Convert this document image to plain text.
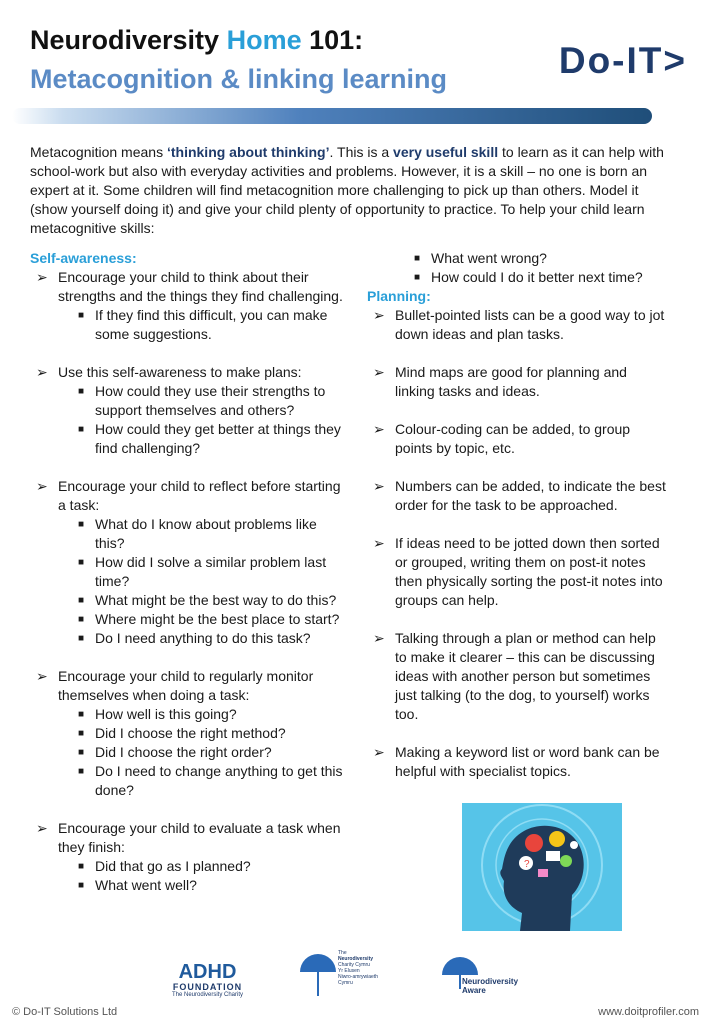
Neurodiversity Home 101:
Metacognition & linking learning	Do-IT>
Metacognition means ‘thinking about thinking’. This is a very useful skill to learn as it can help with school-work but also with everyday activities and problems. However, it is a skill – no one is born an expert at it. Some children will find metacognition more challenging to pick up than others. Model it (show yourself doing it) and give your child plenty of opportunity to practice. To help your child learn metacognitive skills:
Self-awareness:
➢ Encourage your child to think about their strengths and the things they find challenging.
■ If they find this difficult, you can make some suggestions.
➢ Use this self-awareness to make plans:
■ How could they use their strengths to support themselves and others?
■ How could they get better at things they find challenging?
➢ Encourage your child to reflect before starting a task:
■ What do I know about problems like this?
■ How did I solve a similar problem last time?
■ What might be the best way to do this?
■ Where might be the best place to start?
■ Do I need anything to do this task?
➢ Encourage your child to regularly monitor themselves when doing a task:
■ How well is this going?
■ Did I choose the right method?
■ Did I choose the right order?
■ Do I need to change anything to get this done?
➢ Encourage your child to evaluate a task when they finish:
■ Did that go as I planned?
■ What went well?
■ What went wrong?
■ How could I do it better next time?
Planning:
➢ Bullet-pointed lists can be a good way to jot down ideas and plan tasks.
➢ Mind maps are good for planning and linking tasks and ideas.
➢ Colour-coding can be added, to group points by topic, etc.
➢ Numbers can be added, to indicate the best order for the task to be approached.
➢ If ideas need to be jotted down then sorted or grouped, writing them on post-it notes then physically sorting the post-it notes into groups can help.
➢ Talking through a plan or method can help to make it clearer – this can be discussing ideas with another person but sometimes just talking (to the dog, to yourself) works too.
➢ Making a keyword list or word bank can be helpful with specialist topics.
?
ADHD
FOUNDATION
The Neurodiversity Charity
The
Neurodiversity
Charity Cymru
Yr Elusen
Niwro-amrywiaeth
Cymru	Neurodiversity
Aware
© Do-IT Solutions Ltd	www.doitprofiler.com
